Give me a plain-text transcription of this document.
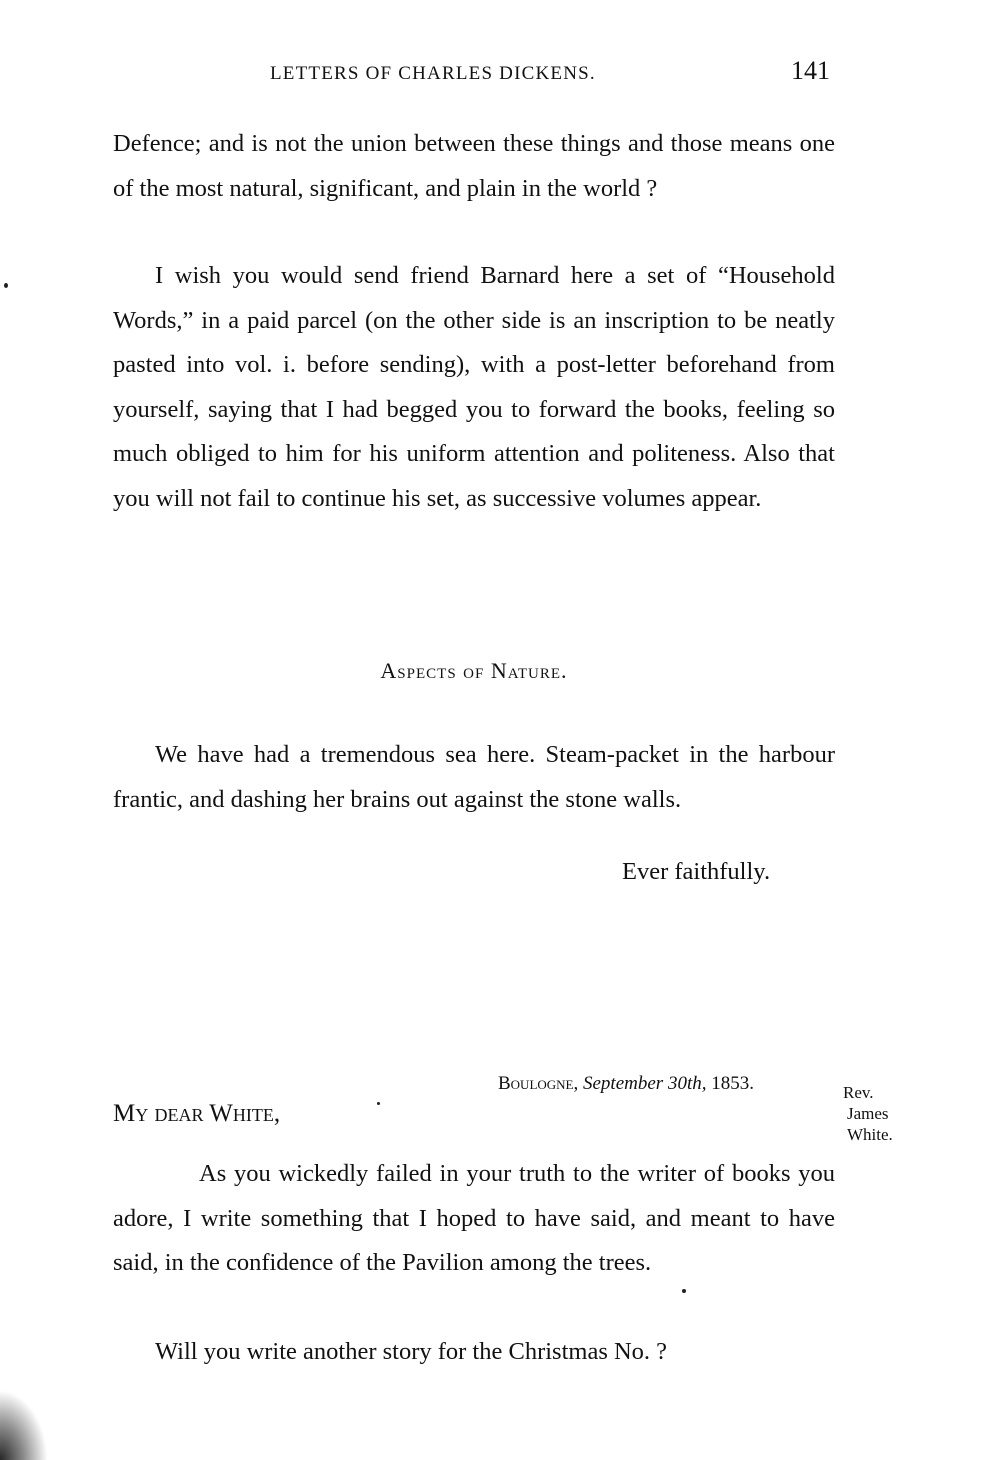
LETTERS OF CHARLES DICKENS.	141

Defence; and is not the union between these things and those means one of the most natural, significant, and plain in the world ?

I wish you would send friend Barnard here a set of “Household Words,” in a paid parcel (on the other side is an inscription to be neatly pasted into vol. i. before sending), with a post-letter beforehand from yourself, saying that I had begged you to forward the books, feeling so much obliged to him for his uniform attention and politeness. Also that you will not fail to continue his set, as successive volumes appear.

Aspects of Nature.

We have had a tremendous sea here. Steam-packet in the harbour frantic, and dashing her brains out against the stone walls.

Ever faithfully.
Boulogne, September 30th, 1853.	Rev.
James
White.
My dear White,

As you wickedly failed in your truth to the writer of books you adore, I write something that I hoped to have said, and meant to have said, in the confidence of the Pavilion among the trees.

Will you write another story for the Christmas No. ?
